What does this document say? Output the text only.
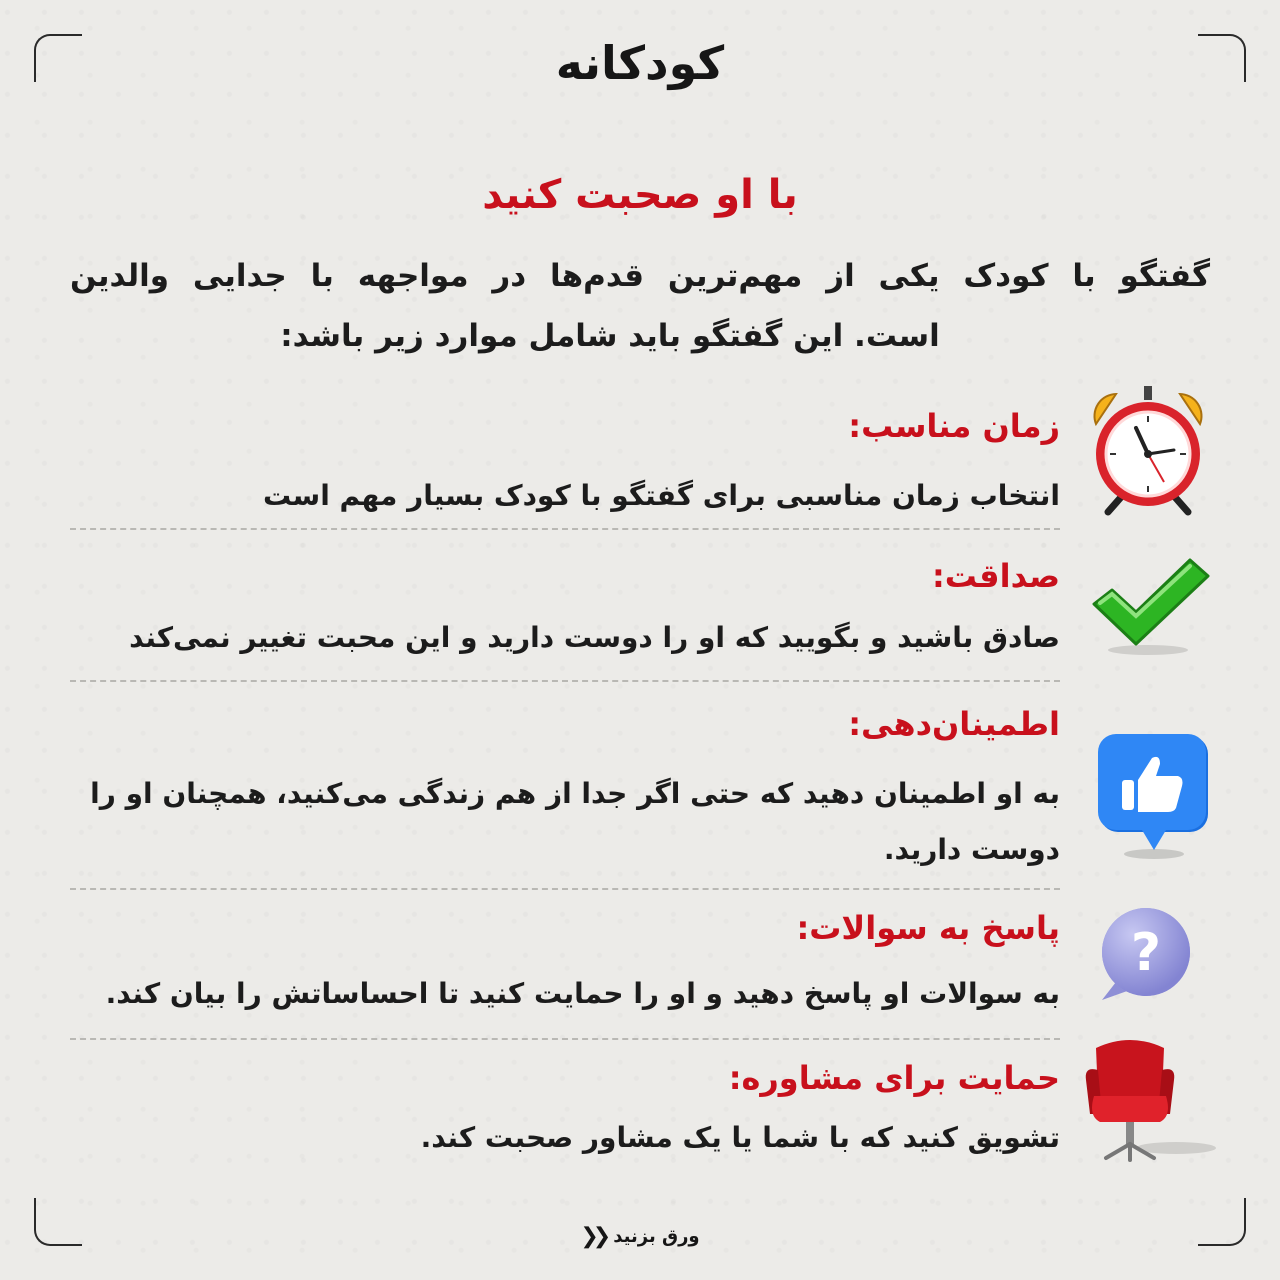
کودکانه
با او صحبت کنید
گفتگو با کودک یکی از مهم‌ترین قدم‌ها در مواجهه با جدایی والدین
است. این گفتگو باید شامل موارد زیر باشد:
زمان مناسب:
انتخاب زمان مناسبی برای گفتگو با کودک بسیار مهم است
صداقت:
صادق باشید و بگویید که او را دوست دارید و این محبت تغییر نمی‌کند
اطمینان‌دهی:
به او اطمینان دهید که حتی اگر جدا از هم زندگی می‌کنید، همچنان او را دوست دارید.
پاسخ به سوالات:
به سوالات او پاسخ دهید و او را حمایت کنید تا احساساتش را بیان کند.
?
حمایت برای مشاوره:
تشویق کنید که با شما یا یک مشاور صحبت کند.
ورق بزنید
❮❮
